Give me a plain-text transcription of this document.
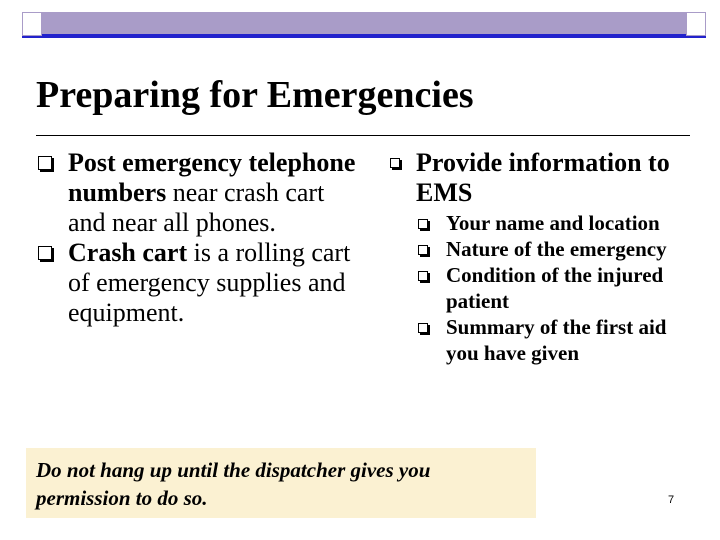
Preparing for Emergencies
Post emergency telephone numbers near crash cart and near all phones.
Crash cart is a rolling cart of emergency supplies and equipment.
Provide information to EMS
Your name and location
Nature of the emergency
Condition of the injured patient
Summary of the first aid you have given
Do not hang up until the dispatcher gives you permission to do so.	7
